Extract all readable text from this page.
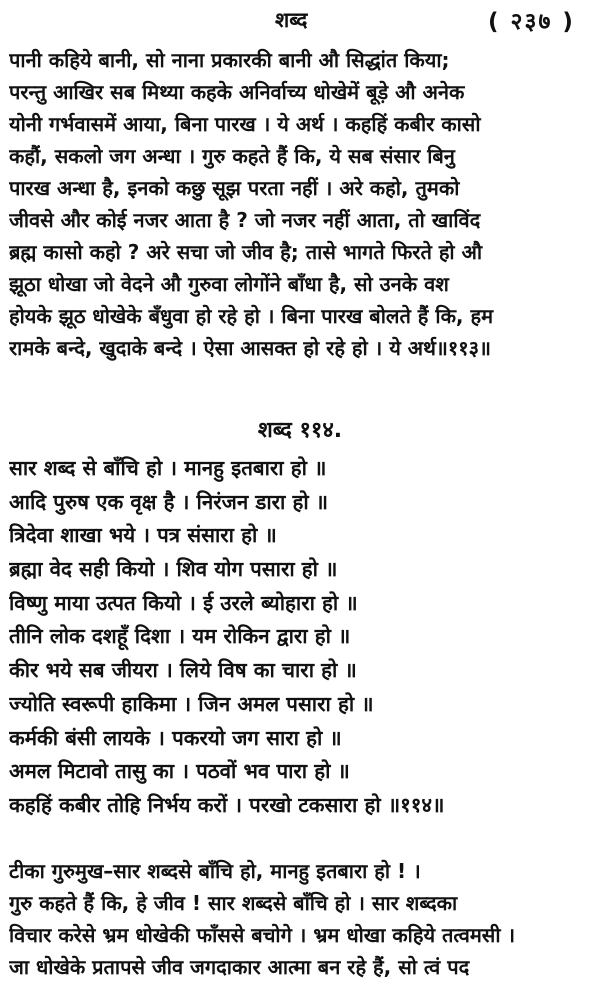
शब्द	( २३७ )
पानी कहिये बानी, सो नाना प्रकारकी बानी औ सिद्धांत किया;
परन्तु आखिर सब मिथ्या कहके अनिर्वाच्य धोखेमें बूड़े औ अनेक
योनी गर्भवासमें आया, बिना पारख । ये अर्थ । कहहिं कबीर कासो
कहौं, सकलो जग अन्धा । गुरु कहते हैं कि, ये सब संसार बिनु
पारख अन्धा है, इनको कछु सूझ परता नहीं । अरे कहो, तुमको
जीवसे और कोई नजर आता है ? जो नजर नहीं आता, तो खाविंद
ब्रह्म कासो कहो ? अरे सचा जो जीव है; तासे भागते फिरते हो औ
झूठा धोखा जो वेदने औ गुरुवा लोगोंने बाँधा है, सो उनके वश
होयके झूठ धोखेके बँधुवा हो रहे हो । बिना पारख बोलते हैं कि, हम
रामके बन्दे, खुदाके बन्दे । ऐसा आसक्त हो रहे हो । ये अर्थ॥११३॥
शब्द ११४.
सार शब्द से बाँचि हो । मानहु इतबारा हो ॥
आदि पुरुष एक वृक्ष है । निरंजन डारा हो ॥
त्रिदेवा शाखा भये । पत्र संसारा हो ॥
ब्रह्मा वेद सही कियो । शिव योग पसारा हो ॥
विष्णु माया उत्पत कियो । ई उरले ब्योहारा हो ॥
तीनि लोक दशहूँ दिशा । यम रोकिन द्वारा हो ॥
कीर भये सब जीयरा । लिये विष का चारा हो ॥
ज्योति स्वरूपी हाकिमा । जिन अमल पसारा हो ॥
कर्मकी बंसी लायके । पकरयो जग सारा हो ॥
अमल मिटावो तासु का । पठवों भव पारा हो ॥
कहहिं कबीर तोहि निर्भय करों । परखो टकसारा हो ॥११४॥
टीका गुरुमुख–सार शब्दसे बाँचि हो, मानहु इतबारा हो ! ।
गुरु कहते हैं कि, हे जीव ! सार शब्दसे बाँचि हो । सार शब्दका
विचार करेसे भ्रम धोखेकी फाँससे बचोगे । भ्रम धोखा कहिये तत्वमसी ।
जा धोखेके प्रतापसे जीव जगदाकार आत्मा बन रहे हैं, सो त्वं पद
